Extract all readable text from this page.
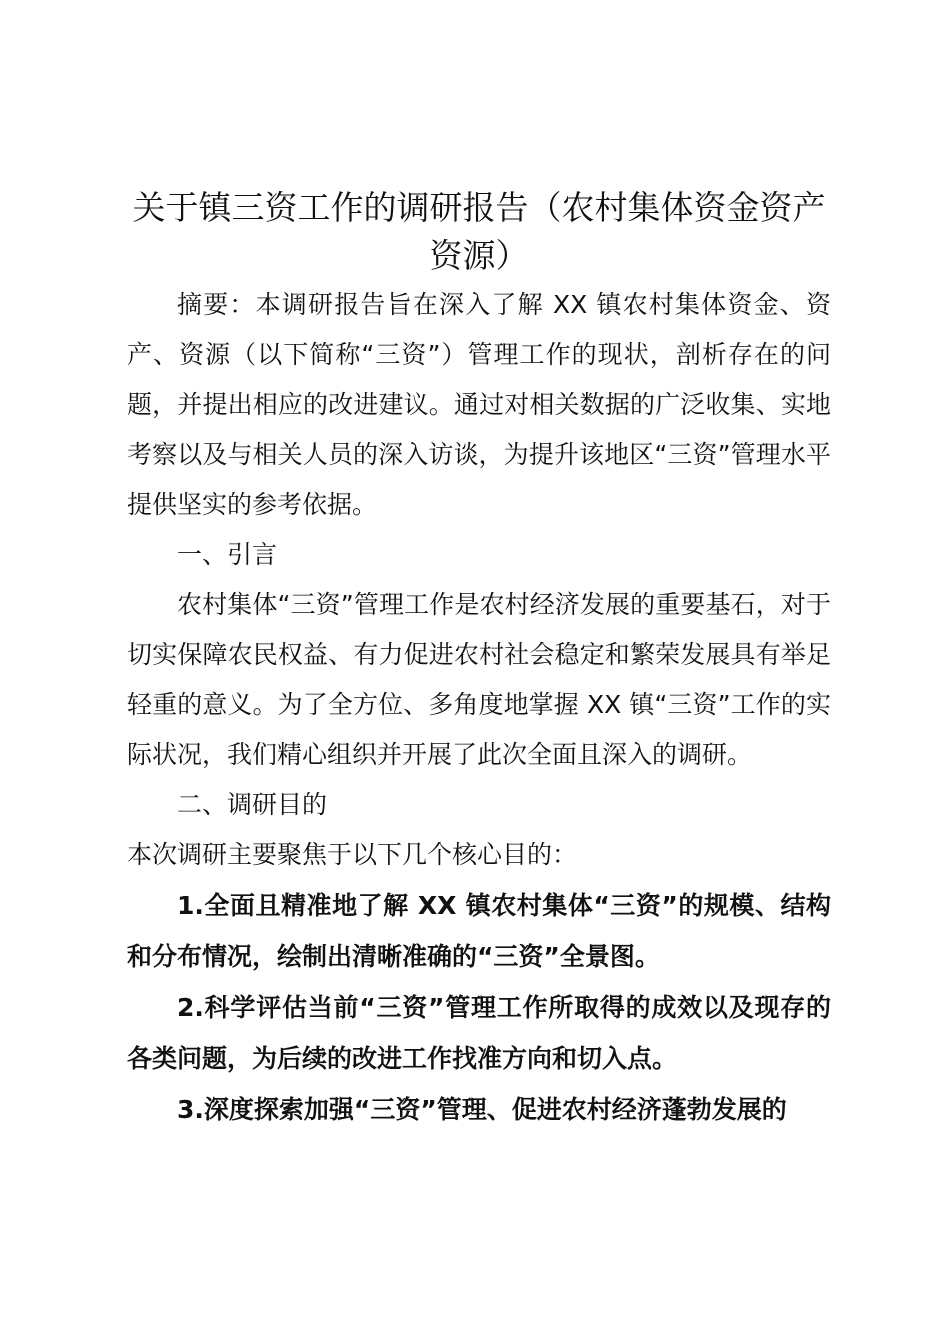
关于镇三资工作的调研报告（农村集体资金资产资源）

摘要：本调研报告旨在深入了解 XX 镇农村集体资金、资产、资源（以下简称“三资”）管理工作的现状，剖析存在的问题，并提出相应的改进建议。通过对相关数据的广泛收集、实地考察以及与相关人员的深入访谈，为提升该地区“三资”管理水平提供坚实的参考依据。

一、引言

农村集体“三资”管理工作是农村经济发展的重要基石，对于切实保障农民权益、有力促进农村社会稳定和繁荣发展具有举足轻重的意义。为了全方位、多角度地掌握 XX 镇“三资”工作的实际状况，我们精心组织并开展了此次全面且深入的调研。

二、调研目的

本次调研主要聚焦于以下几个核心目的：

1.全面且精准地了解 XX 镇农村集体“三资”的规模、结构和分布情况，绘制出清晰准确的“三资”全景图。

2.科学评估当前“三资”管理工作所取得的成效以及现存的各类问题，为后续的改进工作找准方向和切入点。

3.深度探索加强“三资”管理、促进农村经济蓬勃发展的
